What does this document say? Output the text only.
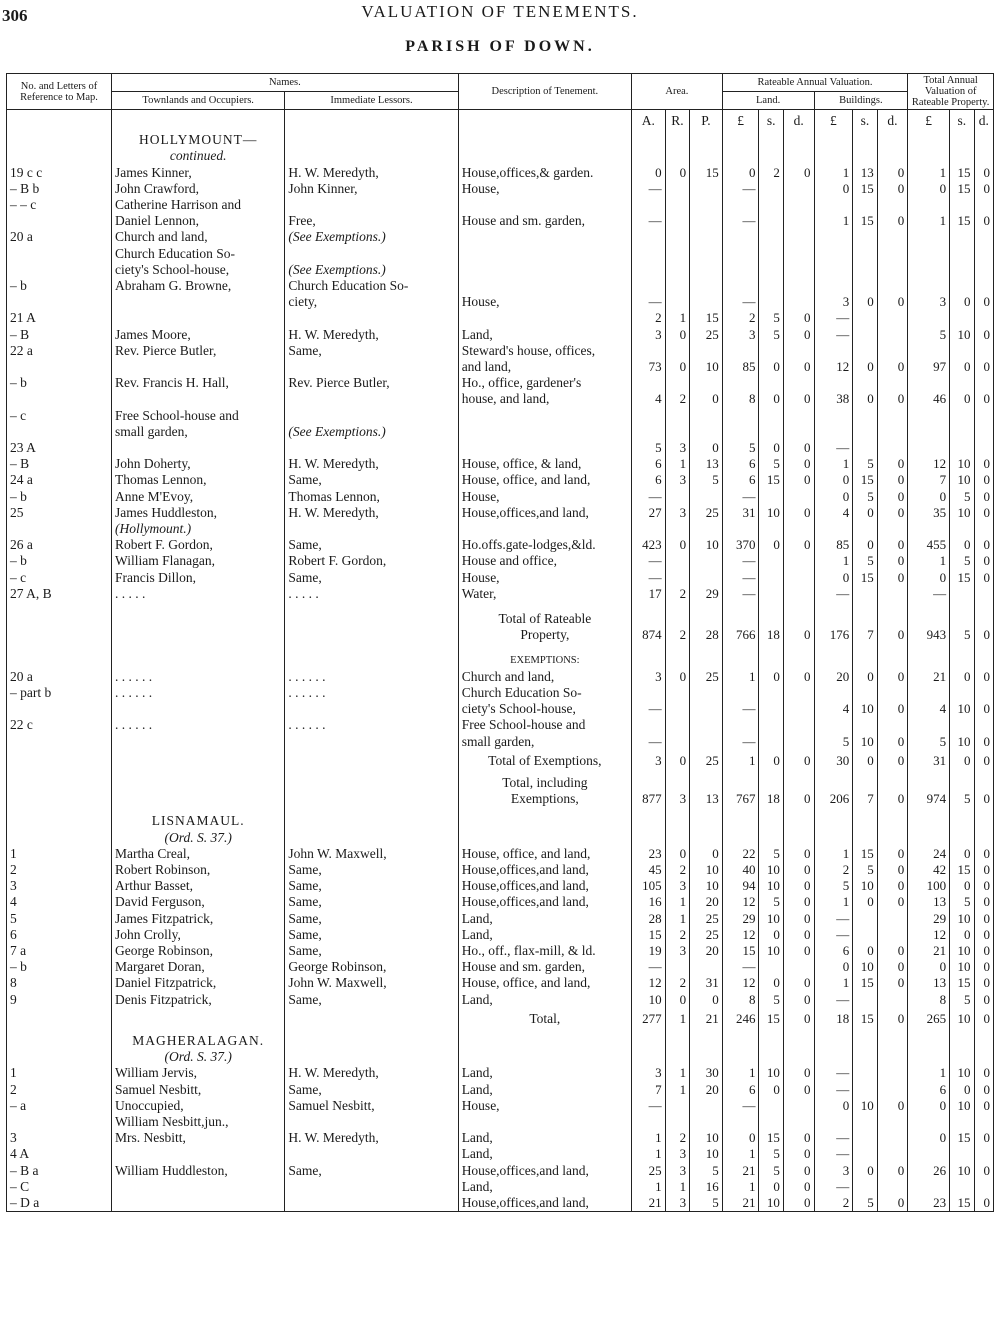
306	VALUATION OF TENEMENTS.
PARISH OF DOWN.
No. and Letters of Reference to Map.	Names.		Description of Tenement.	Area.			Rateable Annual Valuation.						Total Annual Valuation of Rateable Property.		
	Townlands and Occupiers.	Immediate Lessors.					Land.			Buildings.					
				A.	R.	P.	£	s.	d.	£	s.	d.	£	s.	d.

	HOLLYMOUNT—
continued.														

19 c c	James Kinner,	H. W. Meredyth,	House,offices,& garden.	0	0	15	0	2	0	1	13	0	1	15	0
– B b	John Crawford,	John Kinner,	House,	—			—			0	15	0	0	15	0
– – c	Catherine Harrison and														
	Daniel Lennon,	Free,	House and sm. garden,	—			—			1	15	0	1	15	0
20 a	Church and land,	(See Exemptions.)													
	Church Education So-														
	ciety's School-house,	(See Exemptions.)													
– b	Abraham G. Browne,	Church Education So-													
		ciety,	House,	—			—			3	0	0	3	0	0
21 A				2	1	15	2	5	0	—					
– B	James Moore,	H. W. Meredyth,	Land,	3	0	25	3	5	0	—			5	10	0
22 a	Rev. Pierce Butler,	Same,	Steward's house, offices,												
			and land,	73	0	10	85	0	0	12	0	0	97	0	0
– b	Rev. Francis H. Hall,	Rev. Pierce Butler,	Ho., office, gardener's												
			house, and land,	4	2	0	8	0	0	38	0	0	46	0	0
– c	Free School-house and														
	small garden,	(See Exemptions.)													
23 A				5	3	0	5	0	0	—					
– B	John Doherty,	H. W. Meredyth,	House, office, & land,	6	1	13	6	5	0	1	5	0	12	10	0
24 a	Thomas Lennon,	Same,	House, office, and land,	6	3	5	6	15	0	0	15	0	7	10	0
– b	Anne M'Evoy,	Thomas Lennon,	House,	—			—			0	5	0	0	5	0
25	James Huddleston,	H. W. Meredyth,	House,offices,and land,	27	3	25	31	10	0	4	0	0	35	10	0
	(Hollymount.)														
26 a	Robert F. Gordon,	Same,	Ho.offs.gate-lodges,&ld.	423	0	10	370	0	0	85	0	0	455	0	0
– b	William Flanagan,	Robert F. Gordon,	House and office,	—			—			1	5	0	1	5	0
– c	Francis Dillon,	Same,	House,	—			—			0	15	0	0	15	0
27 A, B	. . . . .	. . . . .	Water,	17	2	29	—			—			—		

			Total of Rateable
Property,	874	2	28	766	18	0	176	7	0	943	5	0

			EXEMPTIONS:												
20 a	. . . . . .	. . . . . .	Church and land,	3	0	25	1	0	0	20	0	0	21	0	0
– part b	. . . . . .	. . . . . .	Church Education So-												
			ciety's School-house,	—			—			4	10	0	4	10	0
22 c	. . . . . .	. . . . . .	Free School-house and												
			small garden,	—			—			5	10	0	5	10	0

			Total of Exemptions,	3	0	25	1	0	0	30	0	0	31	0	0

			Total, including
Exemptions,	877	3	13	767	18	0	206	7	0	974	5	0

	LISNAMAUL.
(Ord. S. 37.)														

1	Martha Creal,	John W. Maxwell,	House, office, and land,	23	0	0	22	5	0	1	15	0	24	0	0
2	Robert Robinson,	Same,	House,offices,and land,	45	2	10	40	10	0	2	5	0	42	15	0
3	Arthur Basset,	Same,	House,offices,and land,	105	3	10	94	10	0	5	10	0	100	0	0
4	David Ferguson,	Same,	House,offices,and land,	16	1	20	12	5	0	1	0	0	13	5	0
5	James Fitzpatrick,	Same,	Land,	28	1	25	29	10	0	—			29	10	0
6	John Crolly,	Same,	Land,	15	2	25	12	0	0	—			12	0	0
7 a	George Robinson,	Same,	Ho., off., flax-mill, & ld.	19	3	20	15	10	0	6	0	0	21	10	0
– b	Margaret Doran,	George Robinson,	House and sm. garden,	—			—			0	10	0	0	10	0
8	Daniel Fitzpatrick,	John W. Maxwell,	House, office, and land,	12	2	31	12	0	0	1	15	0	13	15	0
9	Denis Fitzpatrick,	Same,	Land,	10	0	0	8	5	0	—			8	5	0

			Total,	277	1	21	246	15	0	18	15	0	265	10	0

	MAGHERALAGAN.
(Ord. S. 37.)														

1	William Jervis,	H. W. Meredyth,	Land,	3	1	30	1	10	0	—			1	10	0
2	Samuel Nesbitt,	Same,	Land,	7	1	20	6	0	0	—			6	0	0
– a	Unoccupied,	Samuel Nesbitt,	House,	—			—			0	10	0	0	10	0
	William Nesbitt,jun.,														
3	Mrs. Nesbitt,	H. W. Meredyth,	Land,	1	2	10	0	15	0	—			0	15	0
4 A			Land,	1	3	10	1	5	0	—					
– B a	William Huddleston,	Same,	House,offices,and land,	25	3	5	21	5	0	3	0	0	26	10	0
– C			Land,	1	1	16	1	0	0	—					
– D a			House,offices,and land,	21	3	5	21	10	0	2	5	0	23	15	0
